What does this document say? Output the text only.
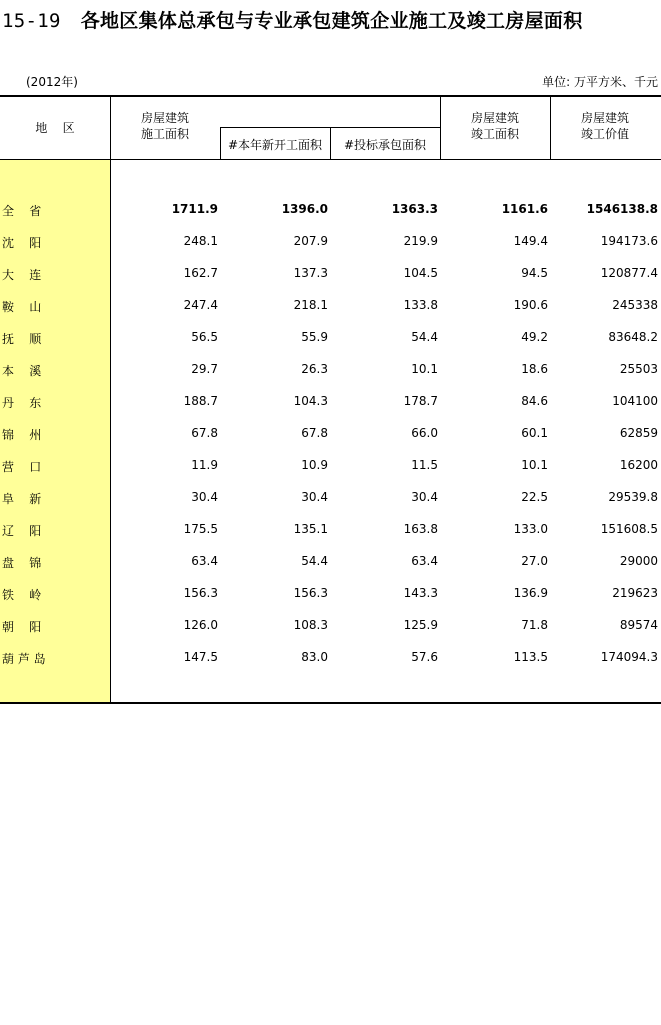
15-19 各地区集体总承包与专业承包建筑企业施工及竣工房屋面积
(2012年)	单位: 万平方米、千元
地    区
房屋建筑
施工面积
#本年新开工面积	#投标承包面积
房屋建筑
竣工面积
房屋建筑
竣工价值
全    省	1711.9	1396.0	1363.3	1161.6	1546138.8
沈    阳	248.1	207.9	219.9	149.4	194173.6
大    连	162.7	137.3	104.5	94.5	120877.4
鞍    山	247.4	218.1	133.8	190.6	245338
抚    顺	56.5	55.9	54.4	49.2	83648.2
本    溪	29.7	26.3	10.1	18.6	25503
丹    东	188.7	104.3	178.7	84.6	104100
锦    州	67.8	67.8	66.0	60.1	62859
营    口	11.9	10.9	11.5	10.1	16200
阜    新	30.4	30.4	30.4	22.5	29539.8
辽    阳	175.5	135.1	163.8	133.0	151608.5
盘    锦	63.4	54.4	63.4	27.0	29000
铁    岭	156.3	156.3	143.3	136.9	219623
朝    阳	126.0	108.3	125.9	71.8	89574
葫 芦 岛	147.5	83.0	57.6	113.5	174094.3
